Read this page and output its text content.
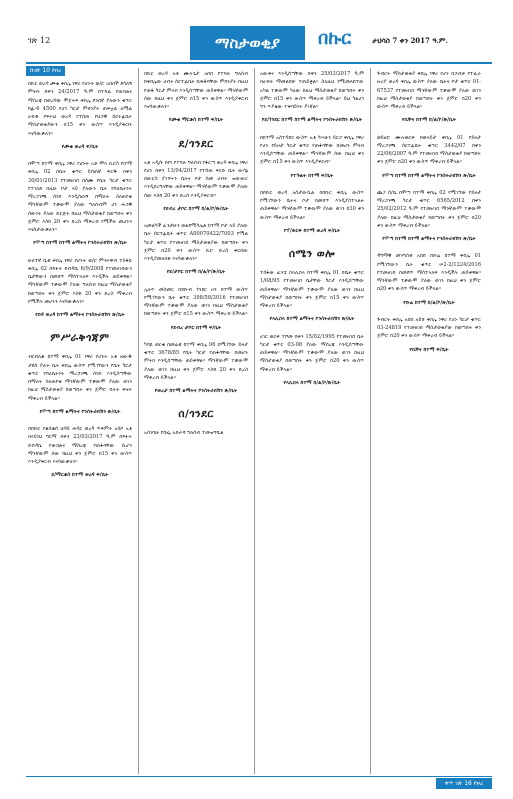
ገጽ 12	ማስታወቂያ በኩር	ታህሳስ 7 ቀን 2017 ዓ.ም.
ከገጽ 10 የዞረ

በኩር ወረዳ ጮቄ ቀበሌ ነዋሪ የሆኑት ወ/ሮ አበበች ደሳለኝ ምትኩ በቀን 24/2017 ዓ.ም በተጻፈ የውክልና ማስረጃ በወረዳው ሞጀትፍ ቀበሌ ደንበኛ ያለውን ቁጥር ከፊ-6 4500 የሆነ ካርታ ምክንያት ጠፍቷል ለሚል ሀብቱ የፍትህ ወረዳ የተሰጠ የህጋዊ ሰርትፊኬት ማስታወቂያውን በ15 ቀን ውስጥ እንዲያቀርቡ እናሳውቃለን።

የጮቄ ወረዳ ፍ/ቤት

በሞጣ ከተማ ቀበሌ ነዋሪ የሆኑት አቶ ሞላ ኪሮስ ከተማ ቀበሌ 02 በቤት ቁጥር ይሰጠኛ ፍርዱ በቀን 30/01/2013 የተመዘገበ በስሙ የቤት ካርታ ቁጥር የተገለጸ በዚሁ ቦታ ላይ ያለውን ቤት የባለቤትነት ማረጋገጫ ሰነድ እንዲሰጠኝ በማለት ስለጠየቁ ማንኛውም ተቃውሞ ያለው ግለሰብም ሆነ ሕጋዊ ሰውነት ያለው ድርጅት ከዚህ ማስታወቂያ ከወጣበት ቀን ጀምሮ እስከ 20 ቀን ድረስ ማቅረብ የሚችሉ መሆኑን እናስታውቃለን።

የሞጣ ከተማ ከተማ ልማትና ኮንስትራክሽን ጽ/ቤት

ሁለተኛ ቤቱ ቀበሌ ነዋሪ የሆኑት ወ/ሮ ምንትዋብ ተስፋዬ ቀበሌ 02 በጻፉት ደብዳቤ 6/9/2008 የተመዘገበውን ቤታቸውን በመሸጥ ማስተላለፍ እንዲችሉ ጠይቀዋል። ማንኛውም ተቃውሞ ያለው ግለሰብ ከዚህ ማስታወቂያ ከወጣበት ቀን ጀምሮ እስከ 20 ቀን ድረስ ማቅረብ የሚችሉ መሆኑን እናሳውቃለን።

የበዳ ወረዳ ከተማ ልማትና ኮንስትራክሽን ጽ/ቤት
ምሥራቅጎጃም

ብርሸለቆ ከተማ ቀበሌ 01 ነዋሪ የሆኑት አቶ ዘውዱ ታደሰ ያሉት ቤት ቀበሌ ውስጥ የሚገኘውን የቤት ካርታ ቁጥር የባለቤትነት ማረጋገጫ ሰነድ እንዲሰጣቸው በማለት ስለጠየቁ ማንኛውም ተቃውሞ ያለው ወገን ከዚህ ማስታወቂያ ከወጣበት ቀን ጀምሮ ባሉት ቀናት ማቅረብ ይችላል።

የሞጣ ከተማ ልማትና ኮንስትራክሽን ጽ/ቤት

በበኩር የቆሰቆሰ ህዳይ ሕዳር ወረዳ ጥቅምት አስቦ አቶ በላይነህ ግርማ በቀን 23/03/2017 ዓ.ም በጻፉት ደብዳቤ የውክልና ማስረጃ የጠፋባቸው ሲሆን ማንኛውም ሰው ከዚህ ቀን ጀምሮ በ15 ቀን ውስጥ እንዲያቀርብ እናሳውቃለን።

ደ/ማርቆስ ከተማ ወረዳ ፍ/ቤት

በኩር ወረዳ አቶ ሙሉጌታ አበበ የተባሉ ግለሰብ ከቀበሌው ሀብት ሰርተፊኬት በጠፋባቸው ምክንያት በዚህ የጠፋ ካርታ ምትክ እንዲሰጣቸው ጠይቀዋል። ማንኛውም ሰው ከዚህ ቀን ጀምሮ በ15 ቀን ውስጥ እንዲያቀርብ እናሳውቃለን።

የጮቄ ማርቆስ ከተማ ፍ/ቤት
ደ/ጎንደር

አቶ አዲሱ በየነ የተባሉ ግለሰብ የፋርጣ ወረዳ ቀበሌ ነዋሪ የሆኑ በቀን 13/04/2017 የተሰጠ ፍርድ ቤት ውሳኔ በውርስ ያገኙትን ቤትና ቦታ ስመ ሀብት ዝውውር እንዲደረግላቸው ጠይቀዋል። ማንኛውም ተቃውሞ ያለው ሰው እስከ 20 ቀን ድረስ እንዲያቀርብ።

የደብረ ታቦር ከተማ ከ/ል/ኮ/ጽ/ቤት

አመልካች ፈንታሁን ወልደሚካኤል ከተማ ቦታ ላይ ያለው ቤት ሰርተፊኬት ቁጥር A00070422/7003 የሚል ካርታ ቁጥር የተመዘገበ ማስታወቂያው ከወጣበት ቀን ጀምሮ በ20 ቀን ውስጥ ቢሮ ድረስ ቀርበው እንዲያመለክቱ እናሳውቃለን።

የደ/ታቦር ከተማ ከ/ል/ኮ/ጽ/ቤት

ኢትዮ መስመር በደቡብ ጎንደር ዞን ከተማ ውስጥ የሚገኘውን ቤት ቁጥር 398/58/2016 የተመዘገበ ማንኛውም ተቃውሞ ያለው ወገን ከዚህ ማስታወቂያ ከወጣበት ቀን ጀምሮ በ15 ቀን ውስጥ ማቅረብ ይችላል።

የደብረ ታቦር ከተማ ፍ/ቤት

ካሳዬ ወርቁ በመሬቱ ከተማ ቀበሌ 06 በሚገኘው ይዞታ ቁጥር 3678/85 የቤት ካርታ የጠፋባቸው በመሆኑ ምትክ እንዲሰጣቸው ጠይቀዋል። ማንኛውም ተቃውሞ ያለው ወገን ከዚህ ቀን ጀምሮ እስከ 20 ቀን ድረስ ማቅረብ ይችላል።

የወረታ ከተማ ልማትና ኮንስትራክሽን ጽ/ቤት
ሰ/ጎንደር

አስገባሁ የሸፌ አድራሻ ግለሰብ ተመዝግቧል

አውቀና እንዲሰጣቸው በቀን 25/03/2017 ዓ.ም በሀብት ማመልከቻ ተጠይቋል። ስለዚህ የሚመለከተው አካል ተቃውሞ ካለው ከዚህ ማስታወቂያ ከወጣበት ቀን ጀምሮ በ15 ቀን ውስጥ ማቅረብ ይችላል። ይህ ካልሆነ ግን ጥያቄው ተቀባይነት ያገኛል።

የደ/ጎንደር ከተማ ከተማ ልማትና ኮንስትራክሽን ጽ/ቤት

በከተማ አስተዳደር ውስጥ አቶ ካሣሁን ይርጋ ቀበሌ ነዋሪ የሆኑ የይዞታ ካርታ ቁጥር የጠፋባቸው በመሆኑ ምትክ እንዲሰጣቸው ጠይቀዋል። ማንኛውም ሰው ከዚህ ቀን ጀምሮ በ15 ቀን ውስጥ እንዲያቀርብ።

የተጉልት ከተማ ፍ/ቤት

በበኩር ወረዳ አስታውሷል በበኩር ቀበሌ ውስጥ የሚገኘውን ቤትና ቦታ በመሸጥ እንዲያስተላልፉ ጠይቀዋል። ማንኛውም ተቃውሞ ያለው ወገን በ30 ቀን ውስጥ ማቅረብ ይችላል።

የፕ/ወርቅ ከተማ ወረዳ ፍ/ቤት
ሰሜን ወሎ

ተሰፋው ፈንቴ በላሊበላ ከተማ ቀበሌ 01 በቤት ቁጥር 1/08/95 የተመዘገበ ቤታቸው ካርታ እንዲሰጣቸው ጠይቀዋል። ማንኛውም ተቃውሞ ያለው ወገን ከዚህ ማስታወቂያ ከወጣበት ቀን ጀምሮ በ15 ቀን ውስጥ ማቅረብ ይችላል።

የላሊበላ ከተማ ልማትና ኮንስትራክሽን ጽ/ቤት

ሀገር ወርቅ ተሾመ በቀን 15/02/1995 የተመዘገበ ቤት ካርታ ቁጥር 03-08 ያለው ማስረጃ እንዲሰጣቸው ጠይቀዋል። ማንኛውም ተቃውሞ ያለው ወገን ከዚህ ማስታወቂያ ከወጣበት ቀን ጀምሮ በ20 ቀን ውስጥ ማቅረብ ይችላል።

የላሊበላ ከተማ ከ/ል/ኮ/ጽ/ቤት

ጉብርት ማስታወቂያ ቀበሌ ነዋሪ የሆኑ በጋብቻ የተፈራ ዙሪያ ወረዳ ቀበሌ ውስጥ ያለው ቤትና ቦታ ቁጥር 01-67537 የተመዘገበ ማንኛውም ተቃውሞ ያለው ወገን ከዚህ ማስታወቂያ ከወጣበት ቀን ጀምሮ በ20 ቀን ውስጥ ማቅረብ ይችላል።

የቢቸና ከተማ ከ/ል/ኮ/ጽ/ቤት

ወይዘሮ ሙሉወርቅ በወላይታ ቀበሌ 01 የይዞታ ማረጋገጫ ሰርተፊኬት ቁጥር 3442/07 በቀን 22/06/2007 ዓ.ም የተመዘገበ ማስታወቂያ ከወጣበት ቀን ጀምሮ በ20 ቀን ውስጥ ማቅረብ ይችላል።

የሞጣ ከተማ ከተማ ልማትና ኮንስትራክሽን ጽ/ቤት

ጨጋ ሰ/ቤ በሞጣ ከተማ ቀበሌ 02 የሚገኘው የይዞታ ማረጋገጫ ካርታ ቁጥር 6565/2012 በቀን 25/02/2012 ዓ.ም የተመዘገበ ማንኛውም ተቃውሞ ያለው ከዚህ ማስታወቂያ ከወጣበት ቀን ጀምሮ በ20 ቀን ውስጥ ማቅረብ ይችላል።

የሞጣ ከተማ ከተማ ልማትና ኮንስትራክሽን ጽ/ቤት

ዳግማዊ መንግስቱ አበበ በቡሬ ከተማ ቀበሌ 01 የሚገኘውን ቤት ቁጥር ሠ2-2/1224/2016 የተመዘገበ በመሸጥ ማስተላለፍ እንዲችሉ ጠይቀዋል። ማንኛውም ተቃውሞ ያለው ወገን ከዚህ ቀን ጀምሮ በ20 ቀን ውስጥ ማቅረብ ይችላል።

የቡሬ ከተማ ከ/ል/ኮ/ጽ/ቤት

ጉብርት ቀበሌ አበበ አይሸ ቀበሌ ነዋሪ የሆኑ ካርታ ቁጥር 03-24819 የተመዘገበ ማስታወቂያው ከወጣበት ቀን ጀምሮ በ20 ቀን ውስጥ ማቅረብ ይችላል።

የቢቸና ከተማ ፍ/ቤት
ቀጥ ገጽ 16 የዞረ
